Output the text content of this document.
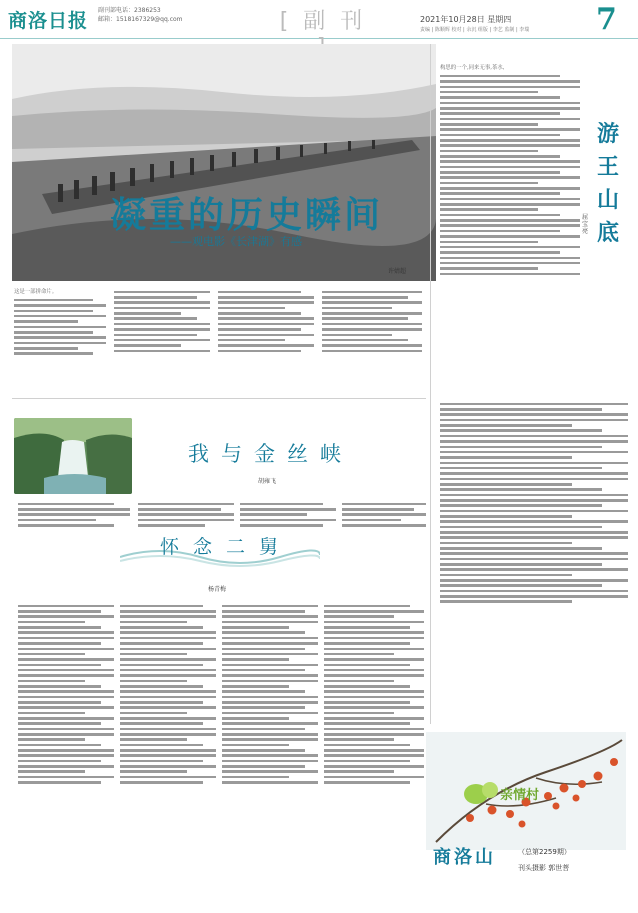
商洛日报	副刊部电话：2386253
邮箱：1518167329@qq.com	[ 副 刊	2021年10月28日 星期四
责编 | 陈顺辉 校对 | 余沉 组版 | 李艺 监制 | 李瑞 7
凝重的历史瞬间
——观电影《长津湖》有感
许婧超
这是一部拼命片。
构思的一个,同来无事,茶水,
游
王
山
底
屈宝亮
我与金丝峡
胡雍飞
怀念二舅
杨青梅
亲情村
商洛山	（总第2259期）
刊头摄影 郭世菩
